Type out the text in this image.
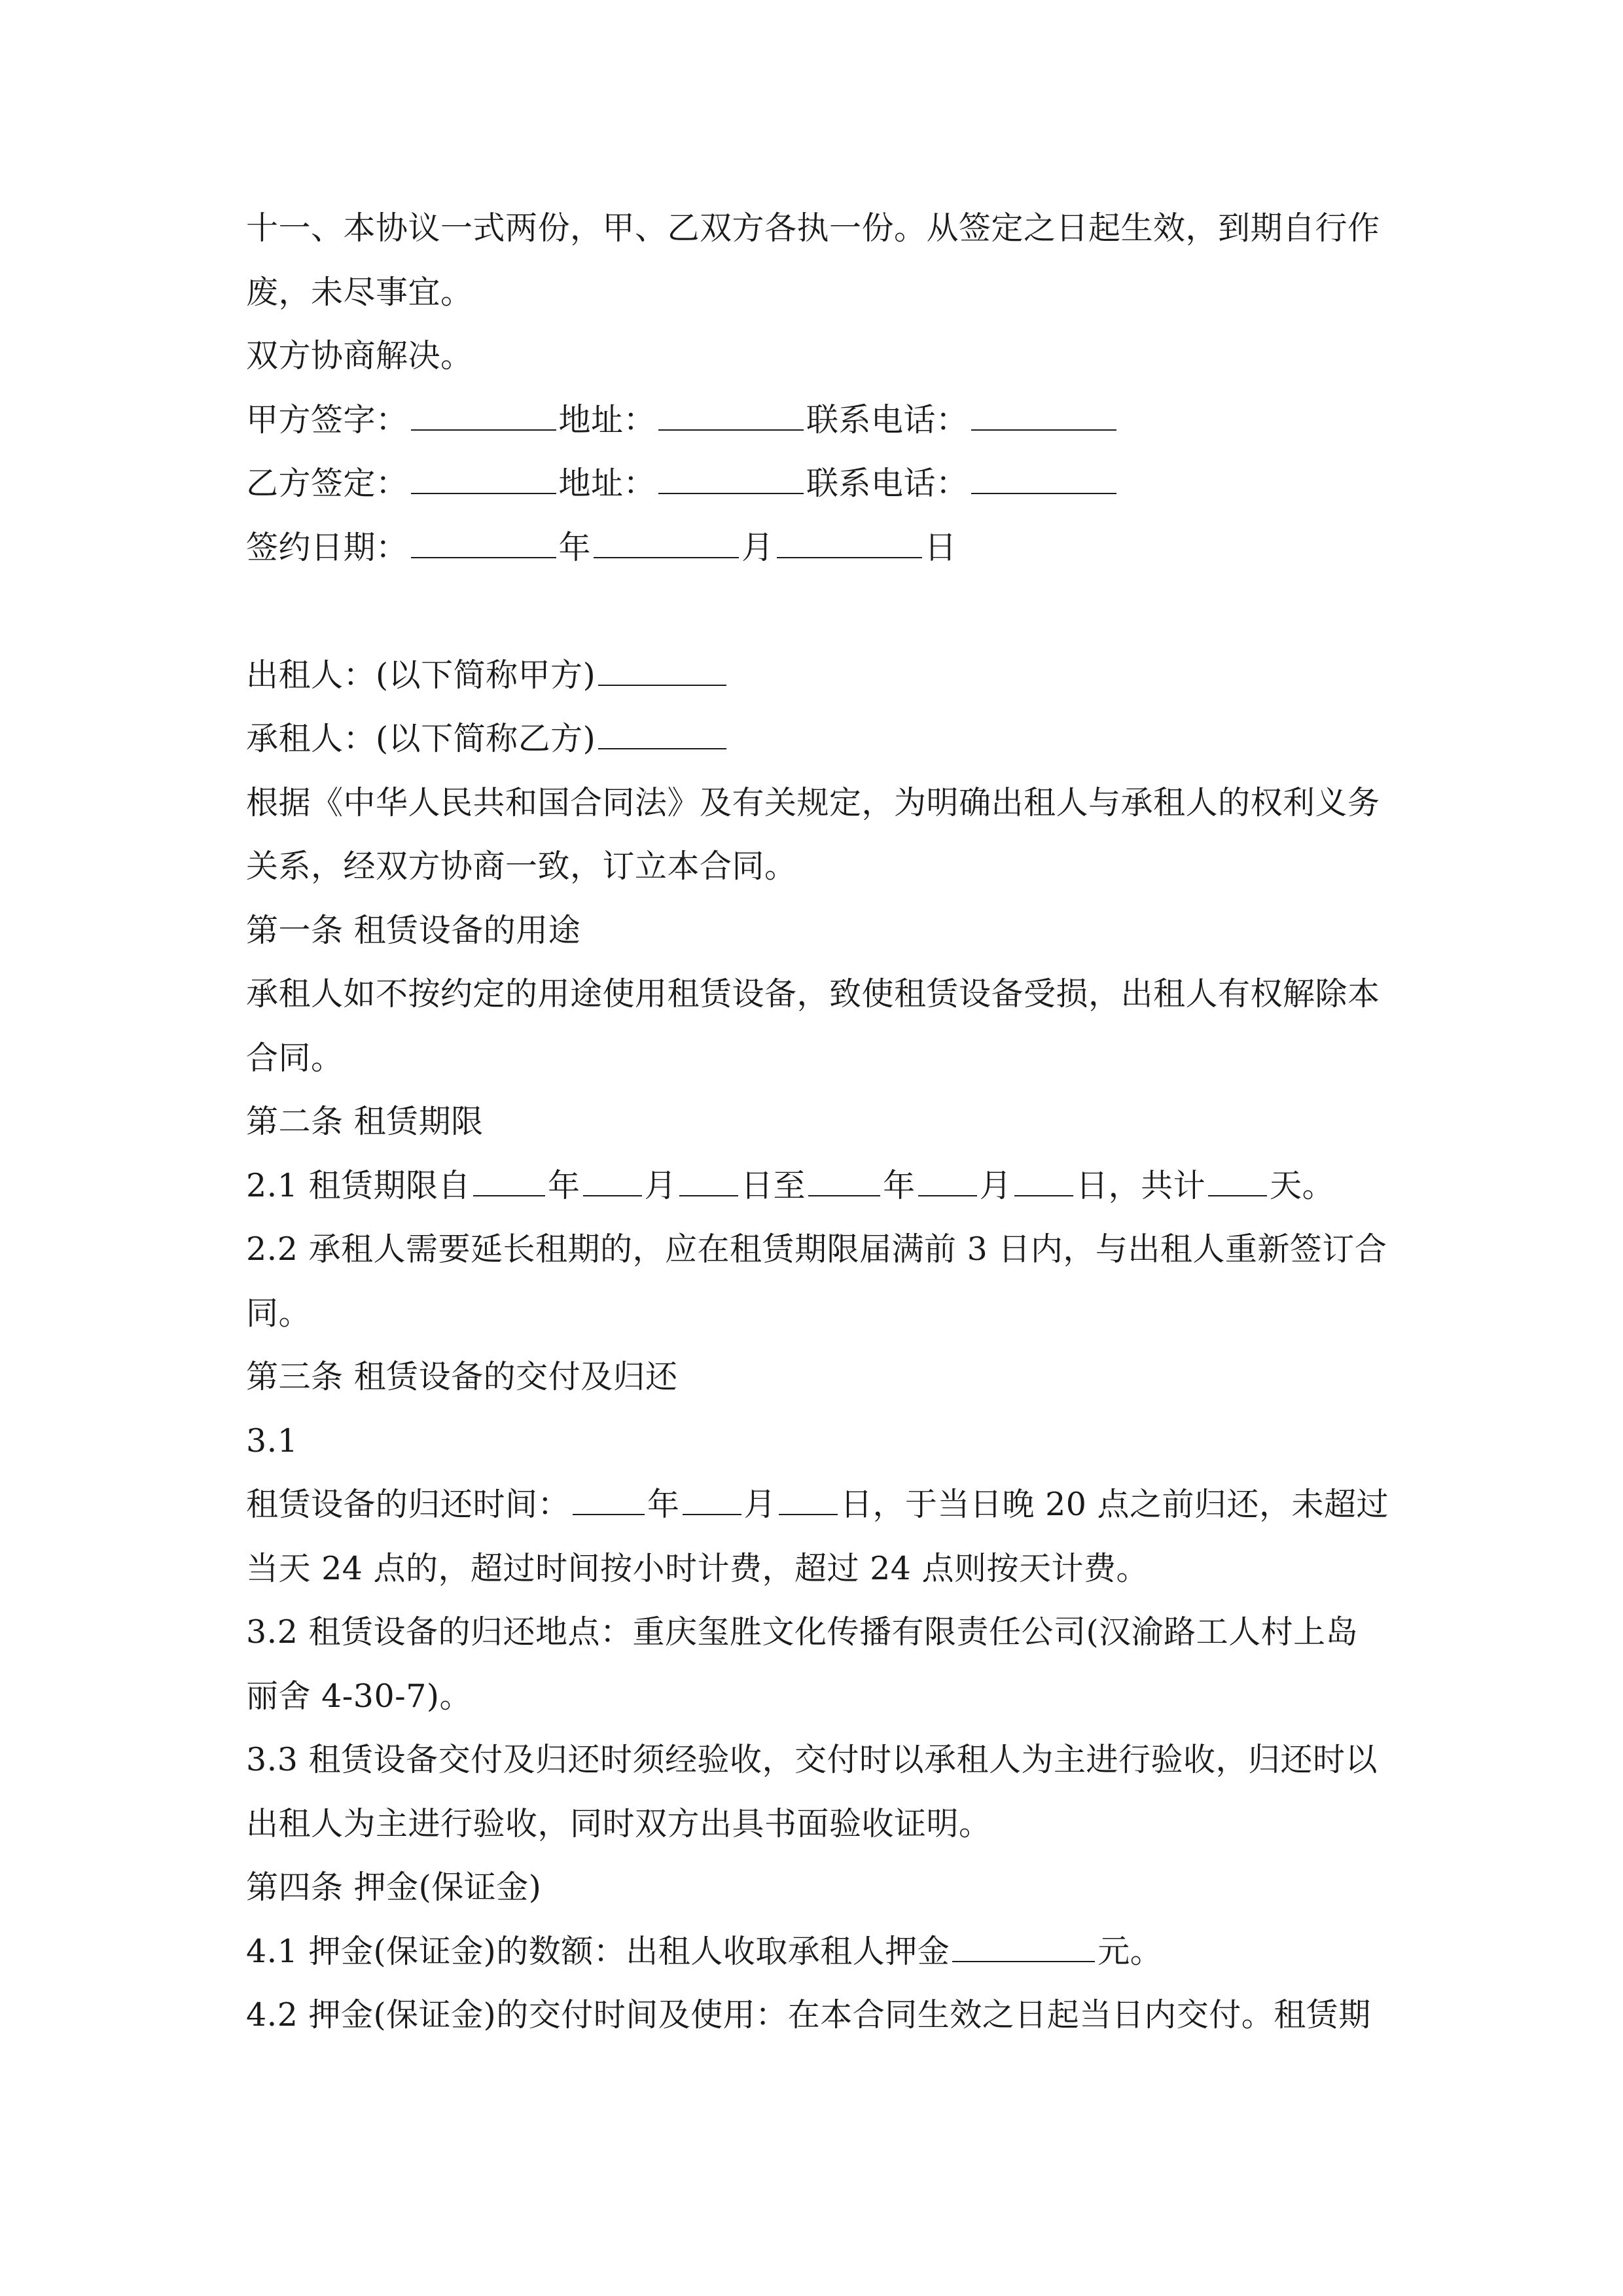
十一、本协议一式两份，甲、乙双方各执一份。从签定之日起生效，到期自行作
废，未尽事宜。
双方协商解决。
甲方签字：	地址：	联系电话：
乙方签定：	地址：	联系电话：
签约日期：	年	月	日
出租人：(以下简称甲方)
承租人：(以下简称乙方)
根据《中华人民共和国合同法》及有关规定，为明确出租人与承租人的权利义务
关系，经双方协商一致，订立本合同。
第一条 租赁设备的用途
承租人如不按约定的用途使用租赁设备，致使租赁设备受损，出租人有权解除本
合同。
第二条 租赁期限
2.1 租赁期限自 年 月 日至 年 月 日，共计 天。
2.2 承租人需要延长租期的，应在租赁期限届满前 3 日内，与出租人重新签订合
同。
第三条 租赁设备的交付及归还
3.1
租赁设备的归还时间： 年 月 日，于当日晚 20 点之前归还，未超过
当天 24 点的，超过时间按小时计费，超过 24 点则按天计费。
3.2 租赁设备的归还地点：重庆玺胜文化传播有限责任公司(汉渝路工人村上岛
丽舍 4-30-7)。
3.3 租赁设备交付及归还时须经验收，交付时以承租人为主进行验收，归还时以
出租人为主进行验收，同时双方出具书面验收证明。
第四条 押金(保证金)
4.1 押金(保证金)的数额：出租人收取承租人押金	元。
4.2 押金(保证金)的交付时间及使用：在本合同生效之日起当日内交付。租赁期
